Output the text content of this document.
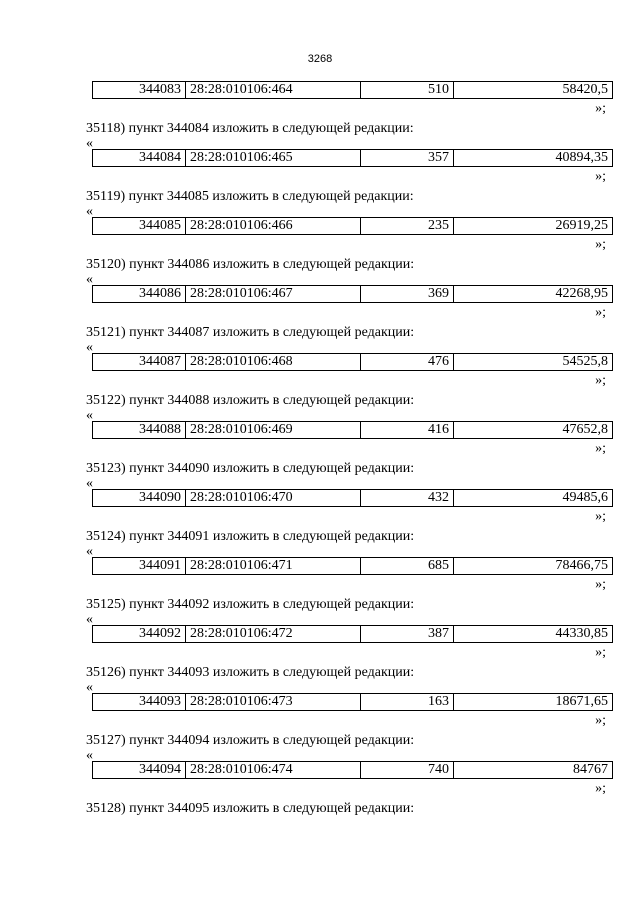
3268
344083	28:28:010106:464	510	58420,5
»;
35118) пункт 344084 изложить в следующей редакции:
«
344084	28:28:010106:465	357	40894,35
»;
35119) пункт 344085 изложить в следующей редакции:
«
344085	28:28:010106:466	235	26919,25
»;
35120) пункт 344086 изложить в следующей редакции:
«
344086	28:28:010106:467	369	42268,95
»;
35121) пункт 344087 изложить в следующей редакции:
«
344087	28:28:010106:468	476	54525,8
»;
35122) пункт 344088 изложить в следующей редакции:
«
344088	28:28:010106:469	416	47652,8
»;
35123) пункт 344090 изложить в следующей редакции:
«
344090	28:28:010106:470	432	49485,6
»;
35124) пункт 344091 изложить в следующей редакции:
«
344091	28:28:010106:471	685	78466,75
»;
35125) пункт 344092 изложить в следующей редакции:
«
344092	28:28:010106:472	387	44330,85
»;
35126) пункт 344093 изложить в следующей редакции:
«
344093	28:28:010106:473	163	18671,65
»;
35127) пункт 344094 изложить в следующей редакции:
«
344094	28:28:010106:474	740	84767
»;
35128) пункт 344095 изложить в следующей редакции:
